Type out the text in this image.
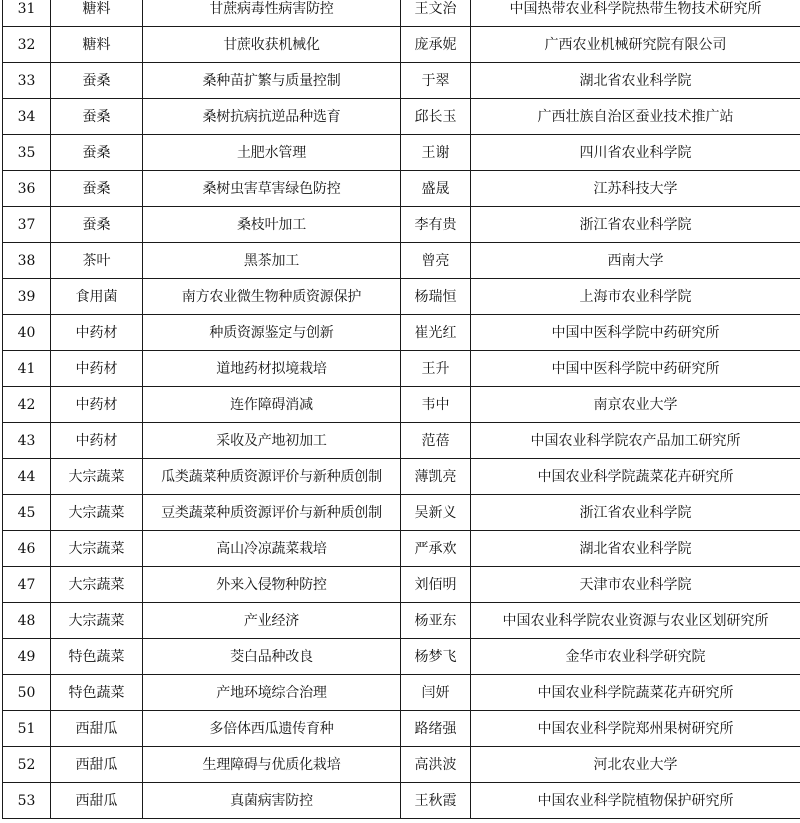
31	糖料	甘蔗病毒性病害防控	王文治	中国热带农业科学院热带生物技术研究所
32	糖料	甘蔗收获机械化	庞承妮	广西农业机械研究院有限公司
33	蚕桑	桑种苗扩繁与质量控制	于翠	湖北省农业科学院
34	蚕桑	桑树抗病抗逆品种选育	邱长玉	广西壮族自治区蚕业技术推广站
35	蚕桑	土肥水管理	王谢	四川省农业科学院
36	蚕桑	桑树虫害草害绿色防控	盛晟	江苏科技大学
37	蚕桑	桑枝叶加工	李有贵	浙江省农业科学院
38	茶叶	黑茶加工	曾亮	西南大学
39	食用菌	南方农业微生物种质资源保护	杨瑞恒	上海市农业科学院
40	中药材	种质资源鉴定与创新	崔光红	中国中医科学院中药研究所
41	中药材	道地药材拟境栽培	王升	中国中医科学院中药研究所
42	中药材	连作障碍消减	韦中	南京农业大学
43	中药材	采收及产地初加工	范蓓	中国农业科学院农产品加工研究所
44	大宗蔬菜	瓜类蔬菜种质资源评价与新种质创制	薄凯亮	中国农业科学院蔬菜花卉研究所
45	大宗蔬菜	豆类蔬菜种质资源评价与新种质创制	吴新义	浙江省农业科学院
46	大宗蔬菜	高山冷凉蔬菜栽培	严承欢	湖北省农业科学院
47	大宗蔬菜	外来入侵物种防控	刘佰明	天津市农业科学院
48	大宗蔬菜	产业经济	杨亚东	中国农业科学院农业资源与农业区划研究所
49	特色蔬菜	茭白品种改良	杨梦飞	金华市农业科学研究院
50	特色蔬菜	产地环境综合治理	闫妍	中国农业科学院蔬菜花卉研究所
51	西甜瓜	多倍体西瓜遗传育种	路绪强	中国农业科学院郑州果树研究所
52	西甜瓜	生理障碍与优质化栽培	高洪波	河北农业大学
53	西甜瓜	真菌病害防控	王秋霞	中国农业科学院植物保护研究所
